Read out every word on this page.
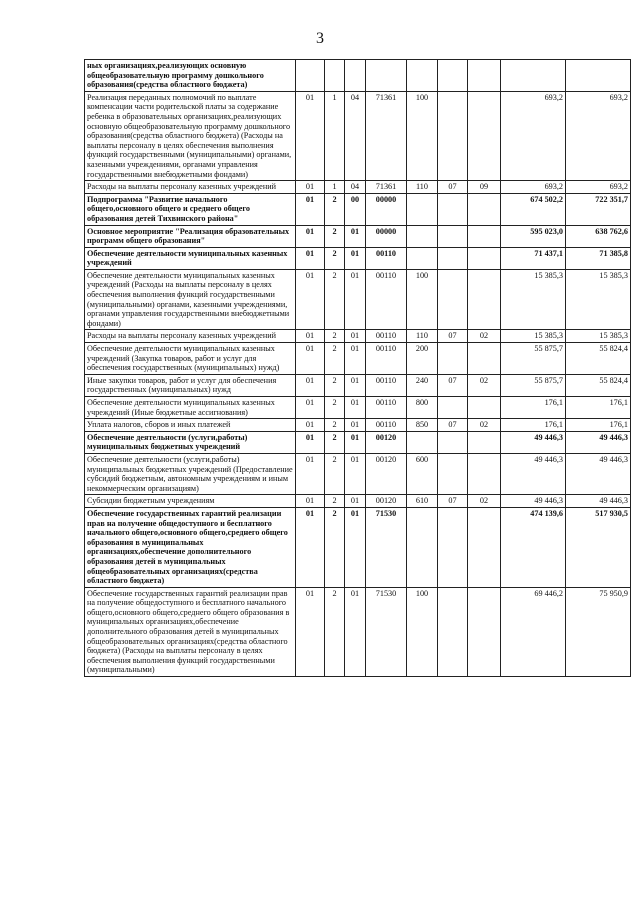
3
ных организациях,реализующих основную общеобразовательную программу дошкольного образования(средства областного бюджета)									
Реализация переданных полномочий по выплате компенсации части родительской платы за содержание ребенка в образовательных организациях,реализующих основную общеобразовательную программу дошкольного образования(средства областного бюджета) (Расходы на выплаты персоналу в целях обеспечения выполнения функций государственными (муниципальными) органами, казенными учреждениями, органами управления государственными внебюджетными фондами)	01	1	04	71361	100			693,2	693,2
Расходы на выплаты персоналу казенных учреждений	01	1	04	71361	110	07	09	693,2	693,2
Подпрограмма "Развитие начального общего,основного общего и среднего общего образования детей Тихвинского района"	01	2	00	00000				674 502,2	722 351,7
Основное мероприятие "Реализация образовательных программ общего образования"	01	2	01	00000				595 023,0	638 762,6
Обеспечение деятельности муниципальных казенных учреждений	01	2	01	00110				71 437,1	71 385,8
Обеспечение деятельности муниципальных казенных учреждений (Расходы на выплаты персоналу в целях обеспечения выполнения функций государственными (муниципальными) органами, казенными учреждениями, органами управления государственными внебюджетными фондами)	01	2	01	00110	100			15 385,3	15 385,3
Расходы на выплаты персоналу казенных учреждений	01	2	01	00110	110	07	02	15 385,3	15 385,3
Обеспечение деятельности муниципальных казенных учреждений (Закупка товаров, работ и услуг для обеспечения государственных (муниципальных) нужд)	01	2	01	00110	200			55 875,7	55 824,4
Иные закупки товаров, работ и услуг для обеспечения государственных (муниципальных) нужд	01	2	01	00110	240	07	02	55 875,7	55 824,4
Обеспечение деятельности муниципальных казенных учреждений (Иные бюджетные ассигнования)	01	2	01	00110	800			176,1	176,1
Уплата налогов, сборов и иных платежей	01	2	01	00110	850	07	02	176,1	176,1
Обеспечение деятельности (услуги,работы) муниципальных бюджетных учреждений	01	2	01	00120				49 446,3	49 446,3
Обеспечение деятельности (услуги,работы) муниципальных бюджетных учреждений (Предоставление субсидий бюджетным, автономным учреждениям и иным некоммерческим организациям)	01	2	01	00120	600			49 446,3	49 446,3
Субсидии бюджетным учреждениям	01	2	01	00120	610	07	02	49 446,3	49 446,3
Обеспечение государственных гарантий реализации прав на получение общедоступного и бесплатного начального общего,основного общего,среднего общего образования в муниципальных организациях,обеспечение дополнительного образования детей в муниципальных общеобразовательных организациях(средства областного бюджета)	01	2	01	71530				474 139,6	517 930,5
Обеспечение государственных гарантий реализации прав на получение общедоступного и бесплатного начального общего,основного общего,среднего общего образования в муниципальных организациях,обеспечение дополнительного образования детей в муниципальных общеобразовательных организациях(средства областного бюджета) (Расходы на выплаты персоналу в целях обеспечения выполнения функций государственными (муниципальными)	01	2	01	71530	100			69 446,2	75 950,9
